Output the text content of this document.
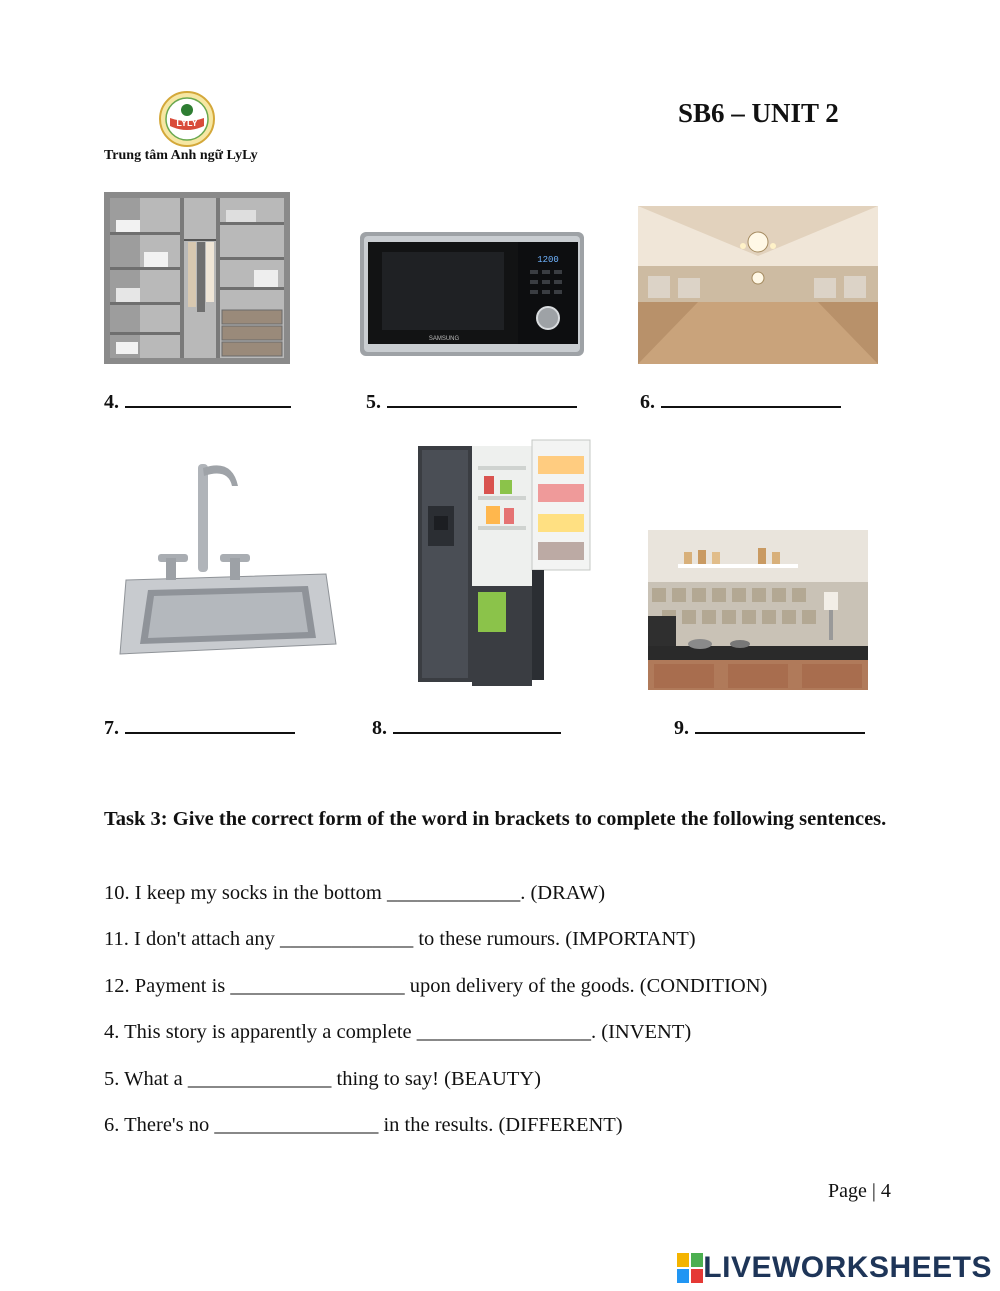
LYLY
Trung tâm Anh ngữ LyLy
SB6 – UNIT 2
1200
SAMSUNG
4.	5.	6.
7.	8.	9.
Task 3: Give the correct form of the word in brackets to complete the following sentences.
10. I keep my socks in the bottom _____________. (DRAW)
11. I don't attach any _____________ to these rumours. (IMPORTANT)
12. Payment is _________________ upon delivery of the goods. (CONDITION)
4. This story is apparently a complete _________________. (INVENT)
5. What a ______________ thing to say! (BEAUTY)
6. There's no ________________ in the results. (DIFFERENT)
Page | 4
LIVEWORKSHEETS
